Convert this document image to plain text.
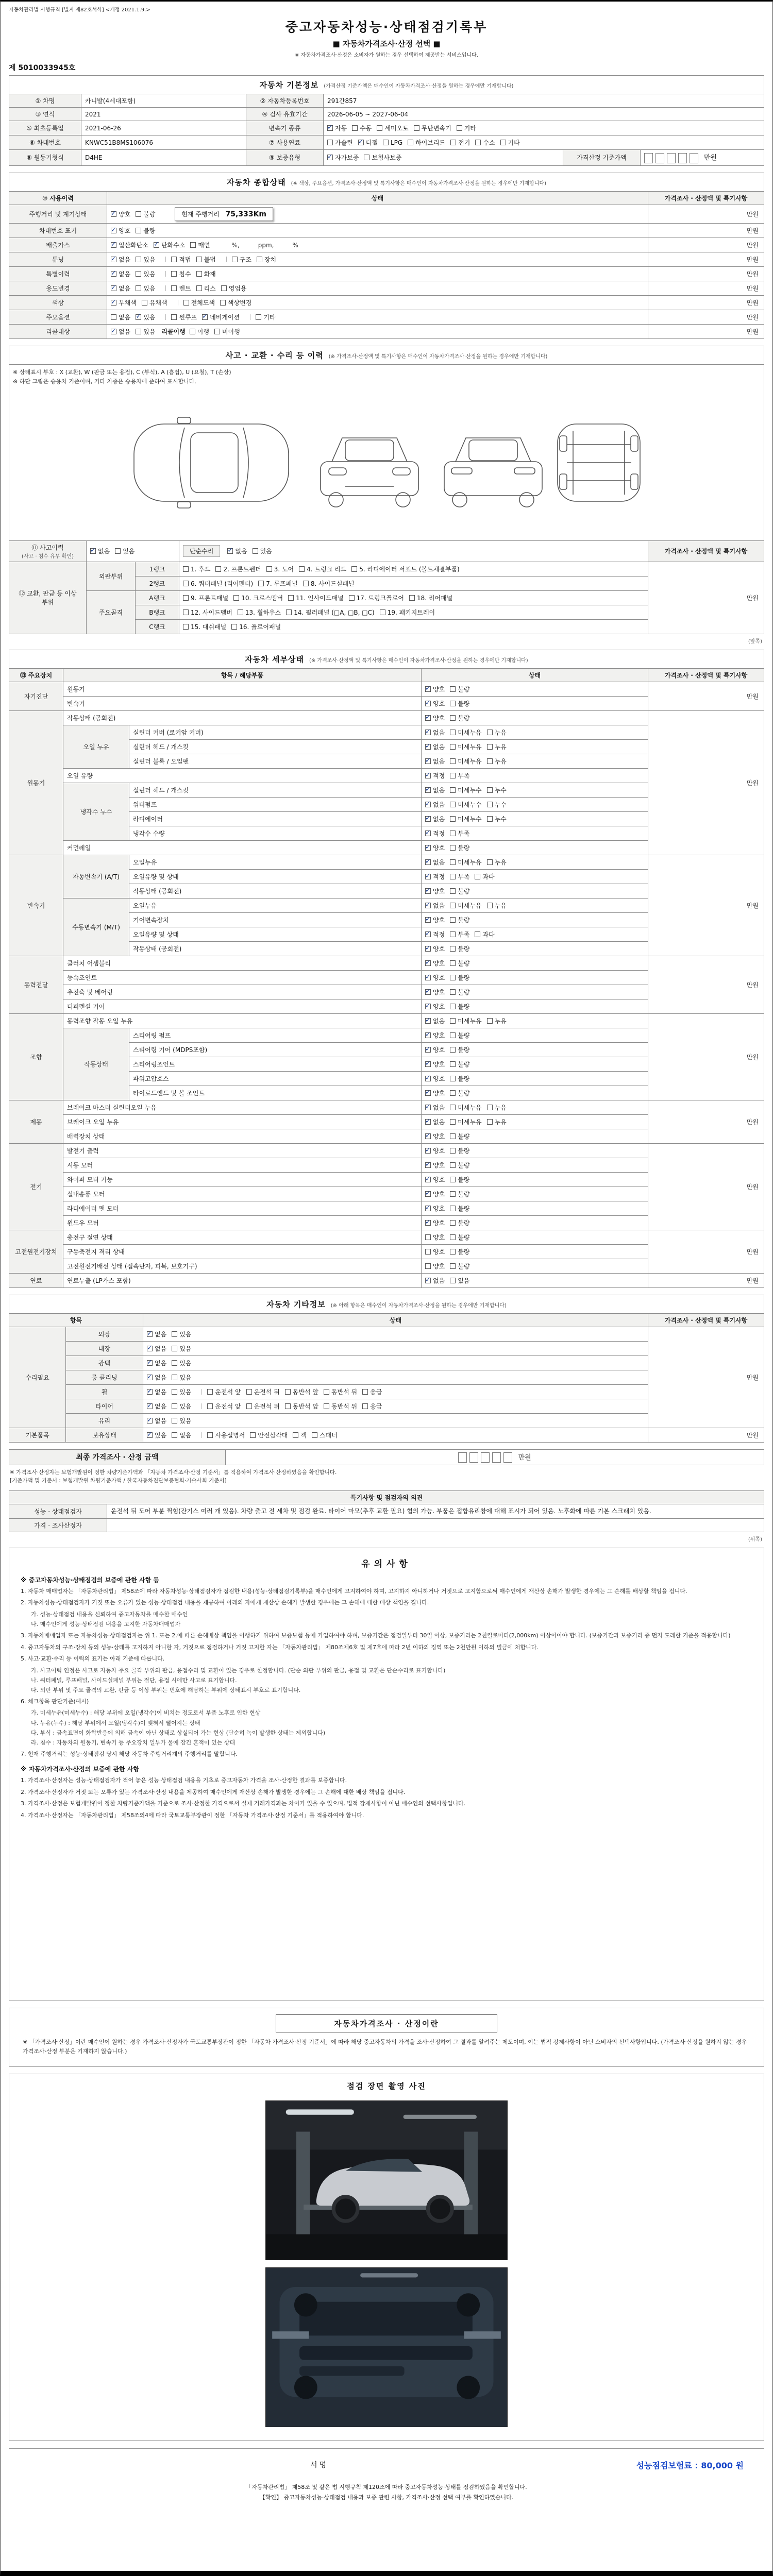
자동차관리법 시행규칙 [별지 제82호서식] <개정 2021.1.9.>
중고자동차성능·상태점검기록부
■ 자동차가격조사·산정 선택 ■
※ 자동차가격조사·산정은 소비자가 원하는 경우 선택하여 제공받는 서비스입니다.
제 5010033945호
자동차 기본정보 (가격산정 기준가액은 매수인이 자동차가격조사·산정을 원하는 경우에만 기재합니다)					
① 차명	카니발(4세대포함)	② 자동차등록번호	291간857		
③ 연식	2021	④ 검사 유효기간	2026-06-05 ~ 2027-06-04		
⑤ 최초등록일	2021-06-26	변속기 종류	✓자동 수동 세미오토 무단변속기 기타
⑥ 차대번호	KNWC51B8MS106076	⑦ 사용연료	가솔린 ✓ 디젤 LPG 하이브리드 전기 수소 기타
⑧ 원동기형식	D4HE	⑨ 보증유형	✓자가보증 보험사보증	가격산정 기준가액	만원
자동차 종합상태 (※ 색상, 주요옵션, 가격조사·산정액 및 특기사항은 매수인이 자동차가격조사·산정을 원하는 경우에만 기재합니다)		
⑩ 사용이력	상태	가격조사 · 산정액 및 특기사항
주행거리 및 계기상태	✓양호 불량 현재 주행거리 75,333Km	만원
차대번호 표기	✓양호 불량	만원
배출가스	✓일산화탄소 ✓ 탄화수소 매연　　%,　　　ppm,　　　%	만원
튜닝	✓없음 있음 적법 불법 구조 장치	만원
특별이력	✓없음 있음 침수 화재	만원
용도변경	✓없음 있음 렌트 리스 영업용	만원
색상	✓무채색 유채색 전체도색 색상변경	만원
주요옵션	없음 ✓ 있음 썬루프 ✓ 네비게이션 기타	만원
리콜대상	✓없음 있음 리콜이행 이행 미이행	만원
사고 · 교환 · 수리 등 이력 (※ 가격조사·산정액 및 특기사항은 매수인이 자동차가격조사·산정을 원하는 경우에만 기재합니다)				

※ 상태표시 부호 : X (교환), W (판금 또는 용접), C (부식), A (흠집), U (요철), T (손상)
※ 하단 그림은 승용차 기준이며, 기타 차종은 승용차에 준하여 표시합니다.				

⑪ 사고이력
(사고 · 침수 유무 확인)	✓없음 있음		단순수리 ✓ 없음 있음	가격조사 · 산정액 및 특기사항
⑫ 교환, 판금 등 이상 부위	외판부위	1랭크	1. 후드 2. 프론트펜더 3. 도어 4. 트렁크 리드 5. 라디에이터 서포트 (볼트체결부품)	만원
		2랭크	6. 쿼터패널 (리어펜더) 7. 루프패널 8. 사이드실패널	
	주요골격	A랭크	9. 프론트패널 10. 크로스멤버 11. 인사이드패널 17. 트렁크플로어 18. 리어패널	
		B랭크	12. 사이드멤버 13. 휠하우스 14. 필러패널 (□A, □B, □C) 19. 패키지트레이	
		C랭크	15. 대쉬패널 16. 플로어패널	
(앞쪽)
자동차 세부상태 (※ 가격조사·산정액 및 특기사항은 매수인이 자동차가격조사·산정을 원하는 경우에만 기재합니다)				
⑬ 주요장치	항목 / 해당부품		상태	가격조사 · 산정액 및 특기사항
자기진단	원동기	✓양호 불량	만원
	변속기	✓양호 불량
원동기	작동상태 (공회전)	✓양호 불량	만원
	오일 누유	실린더 커버 (로커암 커버)	✓없음 미세누유 누유
		실린더 헤드 / 개스킷	✓없음 미세누유 누유
		실린더 블록 / 오일팬	✓없음 미세누유 누유
	오일 유량	✓적정 부족
	냉각수 누수	실린더 헤드 / 개스킷	✓없음 미세누수 누수
		워터펌프	✓없음 미세누수 누수
		라디에이터	✓없음 미세누수 누수
		냉각수 수량	✓적정 부족
	커먼레일	✓양호 불량
변속기	자동변속기 (A/T)	오일누유	✓없음 미세누유 누유	만원
		오일유량 및 상태	✓적정 부족 과다
		작동상태 (공회전)	✓양호 불량
	수동변속기 (M/T)	오일누유	✓없음 미세누유 누유
		기어변속장치	✓양호 불량
		오일유량 및 상태	✓적정 부족 과다
		작동상태 (공회전)	✓양호 불량
동력전달	클러치 어셈블리	✓양호 불량	만원
	등속조인트	✓양호 불량
	추진축 및 베어링	✓양호 불량
	디퍼렌셜 기어	✓양호 불량
조향	동력조향 작동 오일 누유	✓없음 미세누유 누유	만원
	작동상태	스티어링 펌프	✓양호 불량
		스티어링 기어 (MDPS포함)	✓양호 불량
		스티어링조인트	✓양호 불량
		파워고압호스	✓양호 불량
		타이로드엔드 및 볼 조인트	✓양호 불량
제동	브레이크 마스터 실린더오일 누유	✓없음 미세누유 누유	만원
	브레이크 오일 누유	✓없음 미세누유 누유
	배력장치 상태	✓양호 불량
전기	발전기 출력	✓양호 불량	만원
	시동 모터	✓양호 불량
	와이퍼 모터 기능	✓양호 불량
	실내송풍 모터	✓양호 불량
	라디에이터 팬 모터	✓양호 불량
	윈도우 모터	✓양호 불량
고전원전기장치	충전구 절연 상태		양호 불량	만원
	구동축전지 격리 상태		양호 불량	
	고전원전기배선 상태 (접속단자, 피복, 보호기구)		양호 불량	
연료	연료누출 (LP가스 포함)	✓없음 있음	만원
자동차 기타정보 (※ 아래 항목은 매수인이 자동차가격조사·산정을 원하는 경우에만 기재합니다)			
항목		상태	가격조사 · 산정액 및 특기사항
수리필요	외장	✓없음 있음	만원
	내장	✓없음 있음
	광택	✓없음 있음
	룸 클리닝	✓없음 있음
	휠	✓없음 있음 운전석 앞 운전석 뒤 동반석 앞 동반석 뒤 응급
	타이어	✓없음 있음 운전석 앞 운전석 뒤 동반석 앞 동반석 뒤 응급
	유리	✓없음 있음
기본품목	보유상태	✓있음 없음 사용설명서 안전삼각대 잭 스패너	만원
최종 가격조사 · 산정 금액	만원
※ 가격조사·산정자는 보험개발원이 정한 차량기준가액과 「자동차 가격조사·산정 기준서」를 적용하여 가격조사·산정하였음을 확인합니다.
[기준가액 및 기준서 : 보험개발원 차량기준가액 / 한국자동차진단보증협회·기술사회 기준서]
특기사항 및 점검자의 의견	
성능 · 상태점검자	운전석 뒤 도어 부분 찍힘(잔기스 여러 개 있음). 차량 출고 전 세차 및 점검 완료. 타이어 마모(추후 교환 필요) 협의 가능. 부품은 접합유리창에 대해 표시가 되어 있음. 노후화에 따른 기본 스크래치 있음.
가격 · 조사산정자	
(뒤쪽)
유의사항
※ 중고자동차성능·상태점검의 보증에 관한 사항 등

1. 자동차 매매업자는 「자동차관리법」 제58조에 따라 자동차성능·상태점검자가 점검한 내용(성능·상태점검기록부)을 매수인에게 고지하여야 하며, 고지하지 아니하거나 거짓으로 고지함으로써 매수인에게 재산상 손해가 발생한 경우에는 그 손해를 배상할 책임을 집니다.

2. 자동차성능·상태점검자가 거짓 또는 오류가 있는 성능·상태점검 내용을 제공하여 아래의 자에게 재산상 손해가 발생한 경우에는 그 손해에 대한 배상 책임을 집니다.

가. 성능·상태점검 내용을 신뢰하여 중고자동차를 매수한 매수인

나. 매수인에게 성능·상태점검 내용을 고지한 자동차매매업자

3. 자동차매매업자 또는 자동차성능·상태점검자는 위 1. 또는 2.에 따른 손해배상 책임을 이행하기 위하여 보증보험 등에 가입하여야 하며, 보증기간은 점검일부터 30일 이상, 보증거리는 2천킬로미터(2,000km) 이상이어야 합니다. (보증기간과 보증거리 중 먼저 도래한 기준을 적용합니다)

4. 중고자동차의 구조·장치 등의 성능·상태를 고지하지 아니한 자, 거짓으로 점검하거나 거짓 고지한 자는 「자동차관리법」 제80조제6호 및 제7호에 따라 2년 이하의 징역 또는 2천만원 이하의 벌금에 처합니다.

5. 사고·교환·수리 등 이력의 표기는 아래 기준에 따릅니다.

가. 사고이력 인정은 사고로 자동차 주요 골격 부위의 판금, 용접수리 및 교환이 있는 경우로 한정합니다. (단순 외판 부위의 판금, 용접 및 교환은 단순수리로 표기합니다)

나. 쿼터패널, 루프패널, 사이드실패널 부위는 절단, 용접 시에만 사고로 표기합니다.

다. 외판 부위 및 주요 골격의 교환, 판금 등 이상 부위는 번호에 해당하는 부위에 상태표시 부호로 표기합니다.

6. 체크항목 판단기준(예시)

가. 미세누유(미세누수) : 해당 부위에 오일(냉각수)이 비치는 정도로서 부품 노후로 인한 현상

나. 누유(누수) : 해당 부위에서 오일(냉각수)이 맺혀서 떨어지는 상태

다. 부식 : 금속표면이 화학반응에 의해 금속이 아닌 상태로 상실되어 가는 현상 (단순히 녹이 발생한 상태는 제외합니다)

라. 침수 : 자동차의 원동기, 변속기 등 주요장치 일부가 물에 잠긴 흔적이 있는 상태

7. 현재 주행거리는 성능·상태점검 당시 해당 자동차 주행거리계의 주행거리를 말합니다.

※ 자동차가격조사·산정의 보증에 관한 사항

1. 가격조사·산정자는 성능·상태점검자가 적어 놓은 성능·상태점검 내용을 기초로 중고자동차 가격을 조사·산정한 결과를 보증합니다.

2. 가격조사·산정자가 거짓 또는 오류가 있는 가격조사·산정 내용을 제공하여 매수인에게 재산상 손해가 발생한 경우에는 그 손해에 대한 배상 책임을 집니다.

3. 가격조사·산정은 보험개발원이 정한 차량기준가액을 기준으로 조사·산정한 가격으로서 실제 거래가격과는 차이가 있을 수 있으며, 법적 강제사항이 아닌 매수인의 선택사항입니다.

4. 가격조사·산정자는 「자동차관리법」 제58조의4에 따라 국토교통부장관이 정한 「자동차 가격조사·산정 기준서」를 적용하여야 합니다.

자동차가격조사 · 산정이란
※ 「가격조사·산정」이란 매수인이 원하는 경우 가격조사·산정자가 국토교통부장관이 정한 「자동차 가격조사·산정 기준서」에 따라 해당 중고자동차의 가격을 조사·산정하여 그 결과를 알려주는 제도이며, 이는 법적 강제사항이 아닌 소비자의 선택사항입니다. (가격조사·산정을 원하지 않는 경우 가격조사·산정 부분은 기재하지 않습니다.)
점검 장면 촬영 사진
서명	성능점검보험료 : 80,000 원
「자동차관리법」 제58조 및 같은 법 시행규칙 제120조에 따라 중고자동차성능·상태를 점검하였음을 확인합니다.
【확인】 중고자동차성능·상태점검 내용과 보증 관련 사항, 가격조사·산정 선택 여부를 확인하였습니다.
